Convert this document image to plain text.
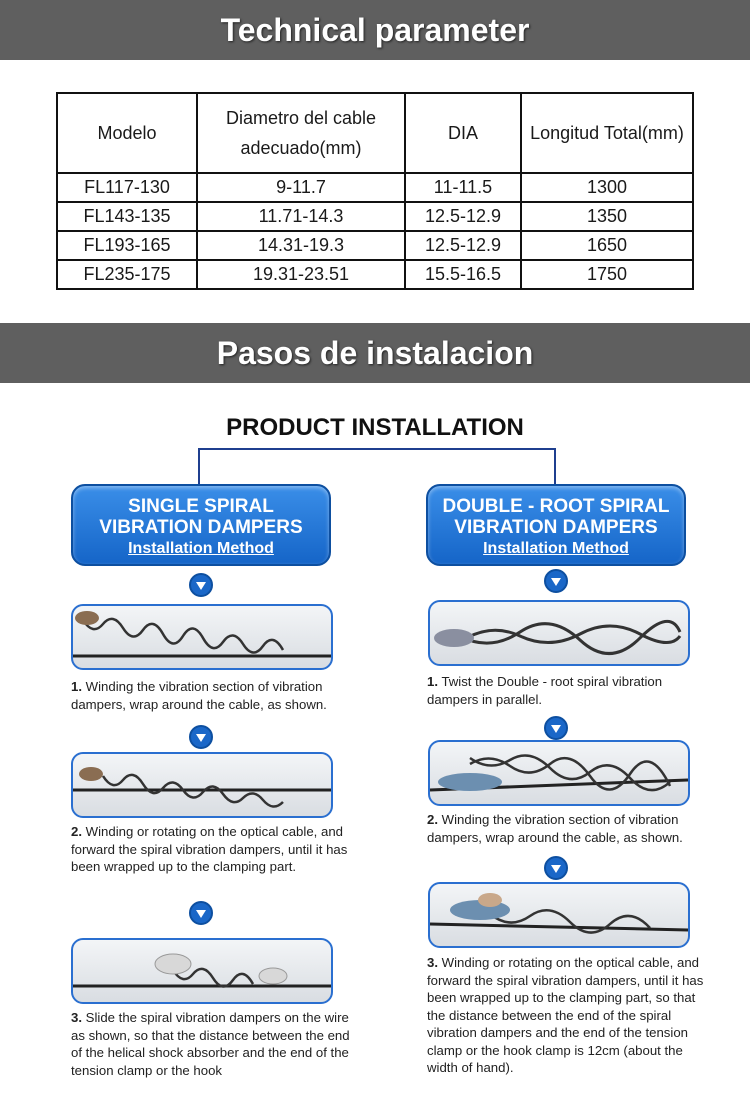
Technical parameter
Modelo	Diametro del cable adecuado(mm)	DIA	Longitud Total(mm)
FL117-130	9-11.7	11-11.5	1300
FL143-135	11.71-14.3	12.5-12.9	1350
FL193-165	14.31-19.3	12.5-12.9	1650
FL235-175	19.31-23.51	15.5-16.5	1750
Pasos de instalacion
PRODUCT INSTALLATION
SINGLE SPIRAL
VIBRATION DAMPERS
Installation Method
1. Winding the vibration section of vibration dampers, wrap around the cable, as shown.
2. Winding or rotating on the optical cable, and forward the spiral vibration dampers, until it has been wrapped up to the clamping part.
3. Slide the spiral vibration dampers on the wire as shown, so that the distance between the end of the helical shock absorber and the end of the tension clamp or the hook
DOUBLE - ROOT SPIRAL
VIBRATION DAMPERS
Installation Method
1. Twist the Double - root spiral vibration dampers in parallel.
2. Winding the vibration section of vibration dampers, wrap around the cable, as shown.
3. Winding or rotating on the optical cable, and forward the spiral vibration dampers, until it has been wrapped up to the clamping part, so that the distance between the end of the spiral vibration dampers and the end of the tension clamp or the hook clamp is 12cm (about the width of hand).
